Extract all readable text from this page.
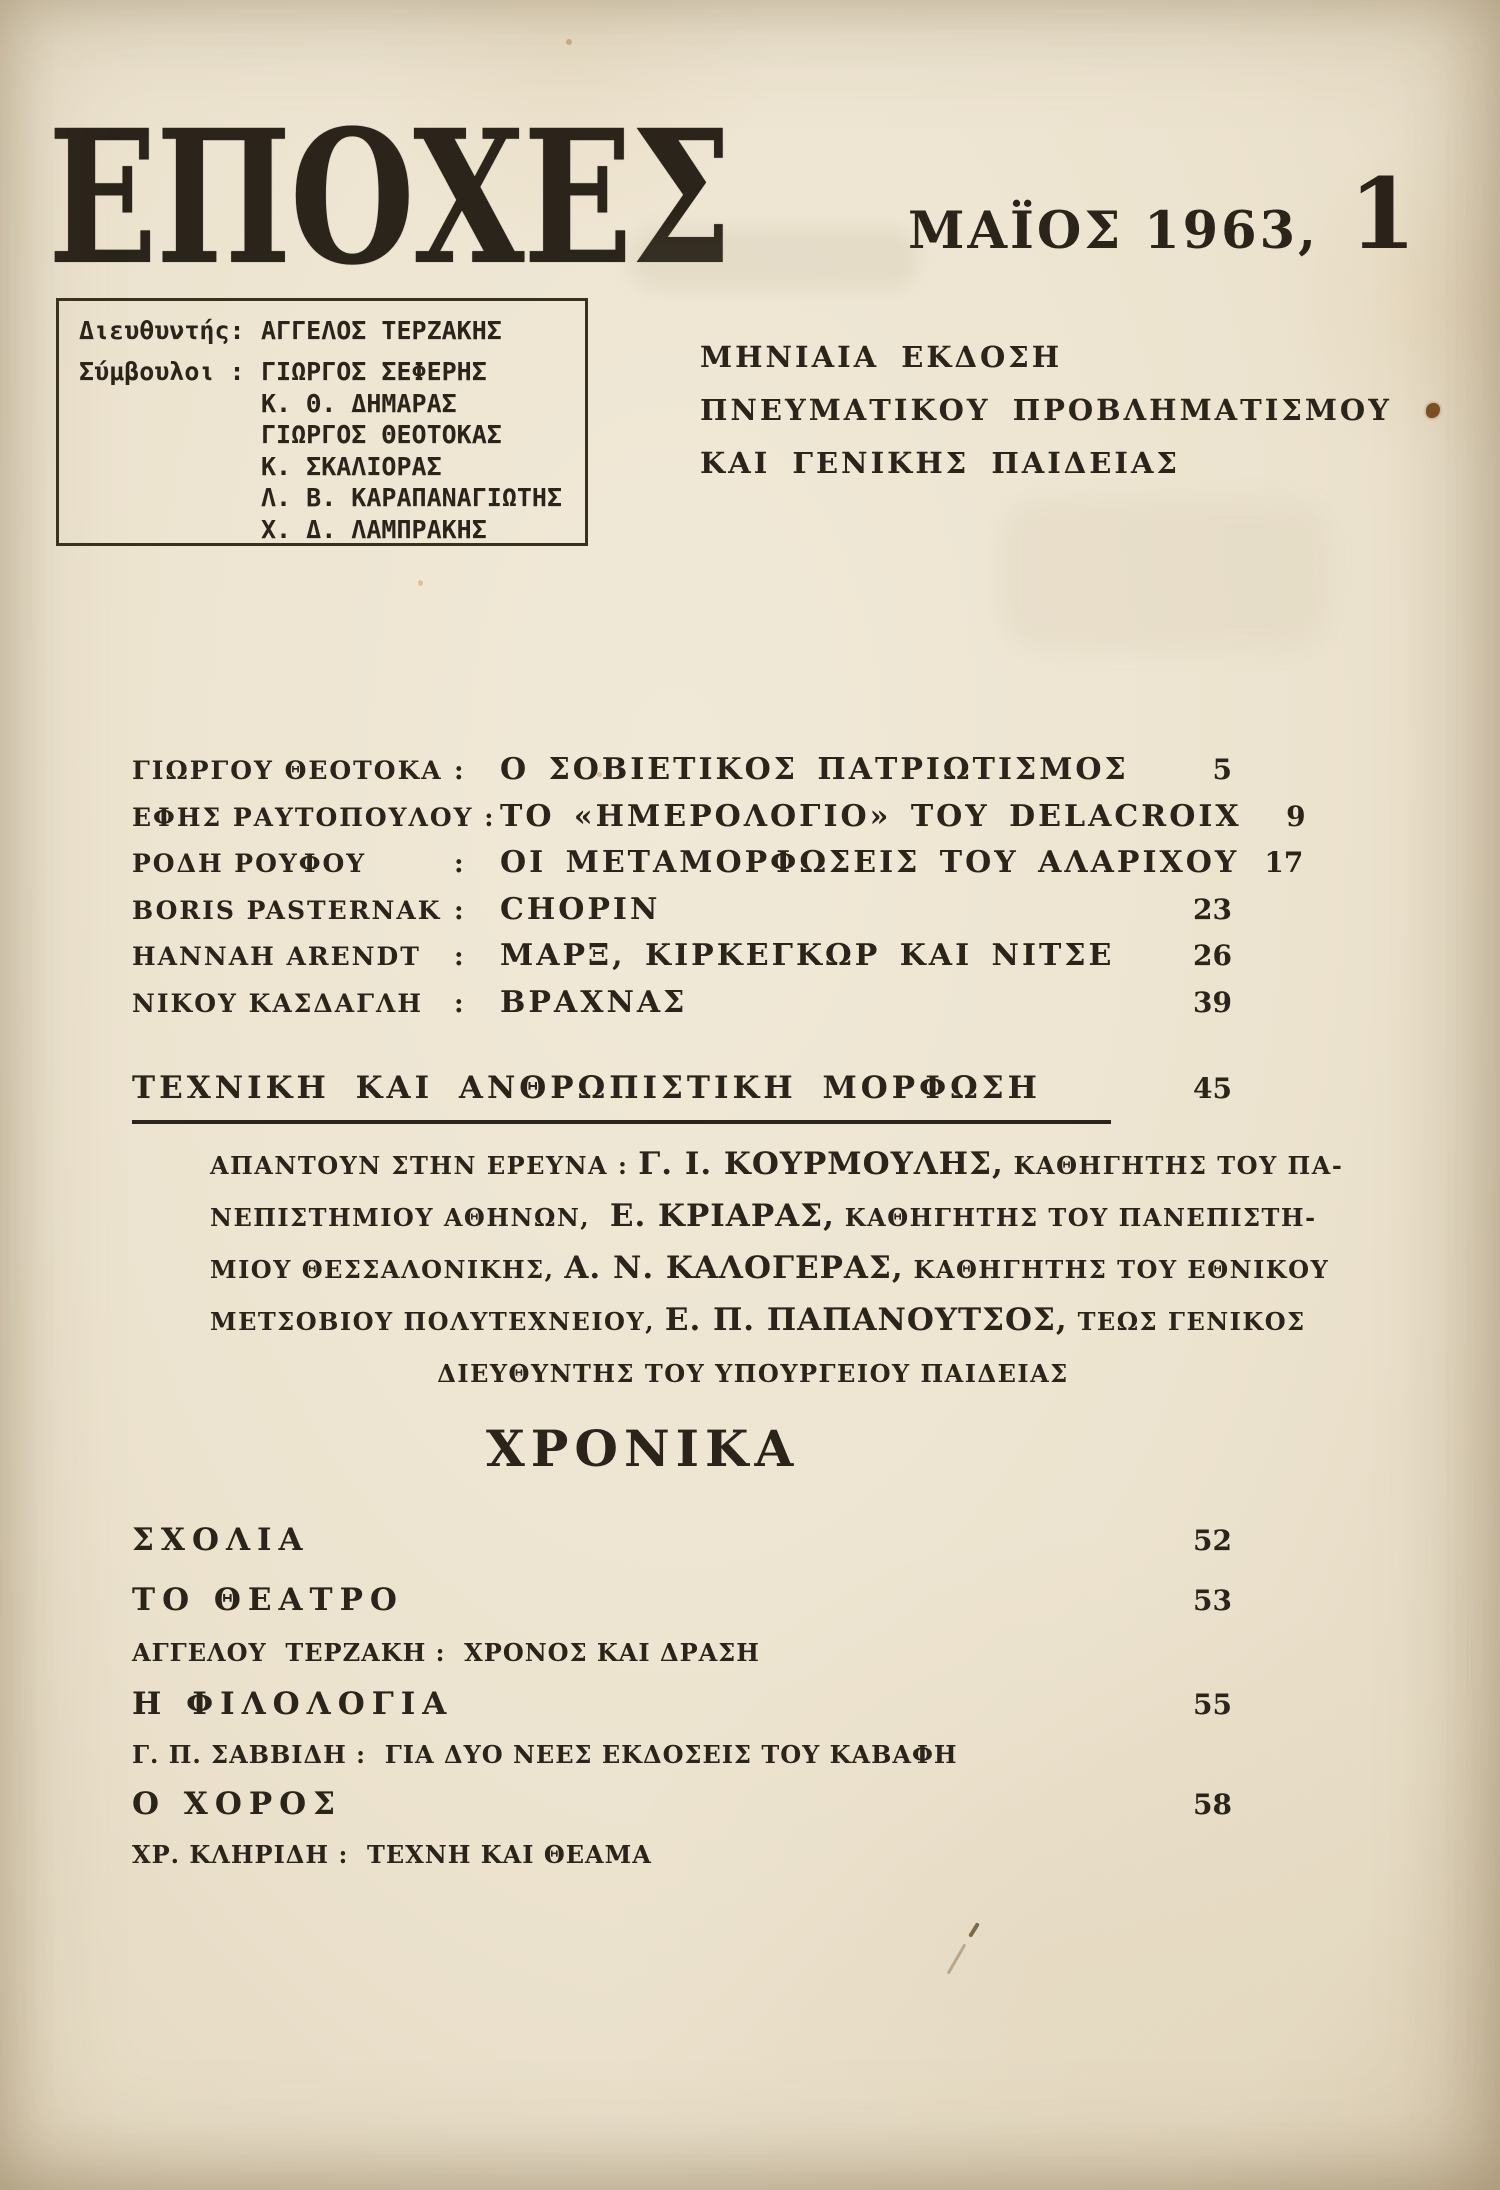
ΕΠΟΧΕΣ	ΜΑΪΟΣ 1963, 1
Διευθυντής: ΑΓΓΕΛΟΣ ΤΕΡΖΑΚΗΣ
Σύμβουλοι : ΓΙΩΡΓΟΣ ΣΕΦΕΡΗΣ
Κ. Θ. ΔΗΜΑΡΑΣ
ΓΙΩΡΓΟΣ ΘΕΟΤΟΚΑΣ
Κ. ΣΚΑΛΙΟΡΑΣ
Λ. Β. ΚΑΡΑΠΑΝΑΓΙΩΤΗΣ
Χ. Δ. ΛΑΜΠΡΑΚΗΣ
ΜΗΝΙΑΙΑ ΕΚΔΟΣΗ
ΠΝΕΥΜΑΤΙΚΟΥ ΠΡΟΒΛΗΜΑΤΙΣΜΟΥ
ΚΑΙ ΓΕΝΙΚΗΣ ΠΑΙΔΕΙΑΣ
ΓΙΩΡΓΟΥ ΘΕΟΤΟΚΑ :	Ο ΣΟΒΙΕΤΙΚΟΣ ΠΑΤΡΙΩΤΙΣΜΟΣ	5
ΕΦΗΣ ΡΑΥΤΟΠΟΥΛΟΥ : ΤΟ «ΗΜΕΡΟΛΟΓΙΟ» ΤΟΥ DELACROIX	9
ΡΟΔΗ ΡΟΥΦΟΥ	:	ΟΙ ΜΕΤΑΜΟΡΦΩΣΕΙΣ ΤΟΥ ΑΛΑΡΙΧΟΥ 17
BORIS PASTERNAK :	CHOPIN	23
HANNAH ARENDT	:	ΜΑΡΞ, ΚΙΡΚΕΓΚΩΡ ΚΑΙ ΝΙΤΣΕ	26
ΝΙΚΟΥ ΚΑΣΔΑΓΛΗ	:	ΒΡΑΧΝΑΣ	39
ΤΕΧΝΙΚΗ ΚΑΙ ΑΝΘΡΩΠΙΣΤΙΚΗ ΜΟΡΦΩΣΗ	45
ΑΠΑΝΤΟΥΝ ΣΤΗΝ ΕΡΕΥΝΑ : Γ. Ι. ΚΟΥΡΜΟΥΛΗΣ, ΚΑΘΗΓΗΤΗΣ ΤΟΥ ΠΑ-
ΝΕΠΙΣΤΗΜΙΟΥ ΑΘΗΝΩΝ,  Ε. ΚΡΙΑΡΑΣ, ΚΑΘΗΓΗΤΗΣ ΤΟΥ ΠΑΝΕΠΙΣΤΗ-
ΜΙΟΥ ΘΕΣΣΑΛΟΝΙΚΗΣ, Α. Ν. ΚΑΛΟΓΕΡΑΣ, ΚΑΘΗΓΗΤΗΣ ΤΟΥ ΕΘΝΙΚΟΥ
ΜΕΤΣΟΒΙΟΥ ΠΟΛΥΤΕΧΝΕΙΟΥ, Ε. Π. ΠΑΠΑΝΟΥΤΣΟΣ, ΤΕΩΣ ΓΕΝΙΚΟΣ
ΔΙΕΥΘΥΝΤΗΣ ΤΟΥ ΥΠΟΥΡΓΕΙΟΥ ΠΑΙΔΕΙΑΣ
ΧΡΟΝΙΚΑ
ΣΧΟΛΙΑ	52
ΤΟ ΘΕΑΤΡΟ	53
ΑΓΓΕΛΟΥ  ΤΕΡΖΑΚΗ :  ΧΡΟΝΟΣ ΚΑΙ ΔΡΑΣΗ
Η ΦΙΛΟΛΟΓΙΑ	55
Γ. Π. ΣΑΒΒΙΔΗ :  ΓΙΑ ΔΥΟ ΝΕΕΣ ΕΚΔΟΣΕΙΣ ΤΟΥ ΚΑΒΑΦΗ
Ο ΧΟΡΟΣ	58
ΧΡ. ΚΛΗΡΙΔΗ :  ΤΕΧΝΗ ΚΑΙ ΘΕΑΜΑ
